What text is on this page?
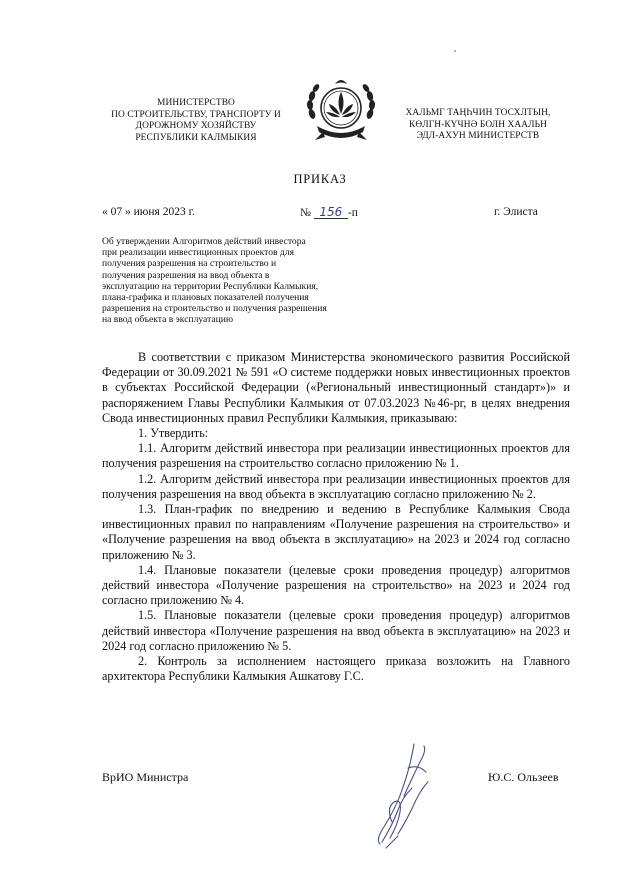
МИНИСТЕРСТВО
ПО СТРОИТЕЛЬСТВУ, ТРАНСПОРТУ И
ДОРОЖНОМУ ХОЗЯЙСТВУ
РЕСПУБЛИКИ КАЛМЫКИЯ
ХАЛЬМГ ТАҢҺЧИН ТОСХЛТЫН,
КӨЛГН-КҮЧНӘ БОЛН ХААЛЬН
ЭДЛ-АХУН МИНИСТЕРСТВ
ПРИКАЗ
« 07 » июня 2023 г.	№ 156 -п	г. Элиста
Об утверждении Алгоритмов действий инвестора
при реализации инвестиционных проектов для
получения разрешения на строительство и
получения разрешения на ввод объекта в
эксплуатацию на территории Республики Калмыкия,
плана-графика и плановых показателей получения
разрешения на строительство и получения разрешения
на ввод объекта в эксплуатацию

В соответствии с приказом Министерства экономического развития Российской Федерации от 30.09.2021 № 591 «О системе поддержки новых инвестиционных проектов в субъектах Российской Федерации («Региональный инвестиционный стандарт»)» и распоряжением Главы Республики Калмыкия от 07.03.2023 №46-рг, в целях внедрения Свода инвестиционных правил Республики Калмыкия, приказываю:

1. Утвердить:

1.1. Алгоритм действий инвестора при реализации инвестиционных проектов для получения разрешения на строительство согласно приложению № 1.

1.2. Алгоритм действий инвестора при реализации инвестиционных проектов для получения разрешения на ввод объекта в эксплуатацию согласно приложению № 2.

1.3. План-график по внедрению и ведению в Республике Калмыкия Свода инвестиционных правил по направлениям «Получение разрешения на строительство» и «Получение разрешения на ввод объекта в эксплуатацию» на 2023 и 2024 год согласно приложению № 3.

1.4. Плановые показатели (целевые сроки проведения процедур) алгоритмов действий инвестора «Получение разрешения на строительство» на 2023 и 2024 год согласно приложению № 4.

1.5. Плановые показатели (целевые сроки проведения процедур) алгоритмов действий инвестора «Получение разрешения на ввод объекта в эксплуатацию» на 2023 и 2024 год согласно приложению № 5.

2. Контроль за исполнением настоящего приказа возложить на Главного архитектора Республики Калмыкия Ашкатову Г.С.

ВрИО Министра	Ю.С. Ользеев
